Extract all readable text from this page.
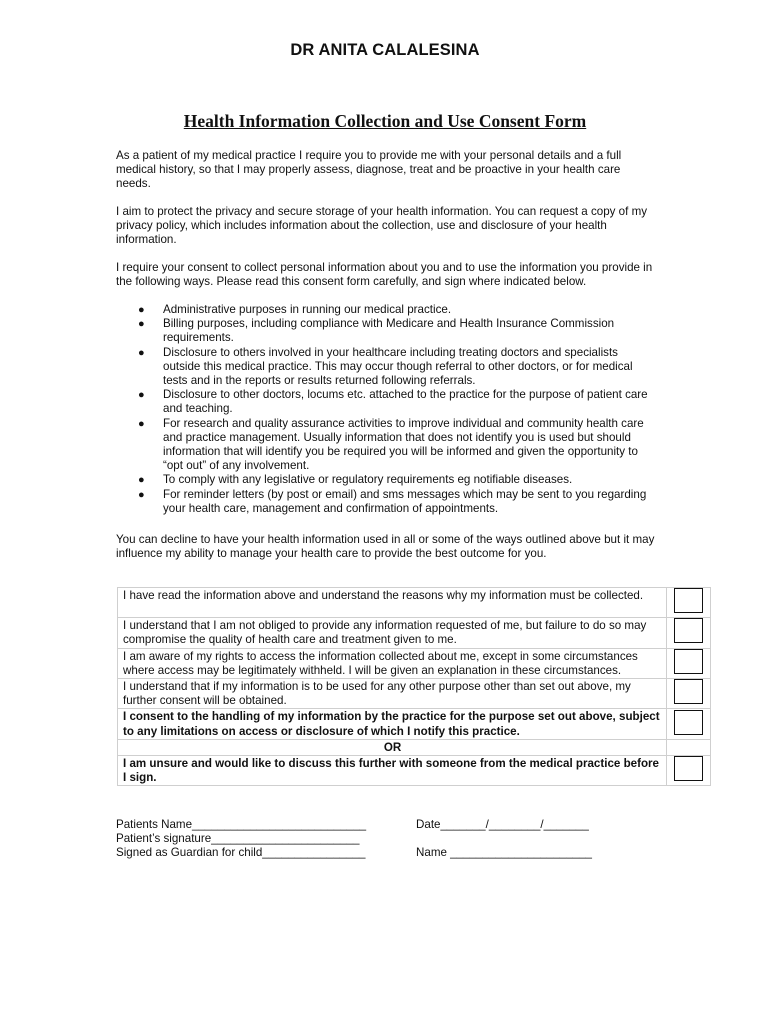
DR ANITA CALALESINA
Health Information Collection and Use Consent Form
As a patient of my medical practice I require you to provide me with your personal details and a full medical history, so that I may properly assess, diagnose, treat and be proactive in your health care needs.
I aim to protect the privacy and secure storage of your health information. You can request a copy of my privacy policy, which includes information about the collection, use and disclosure of your health information.
I require your consent to collect personal information about you and to use the information you provide in the following ways. Please read this consent form carefully, and sign where indicated below.
● Administrative purposes in running our medical practice.
● Billing purposes, including compliance with Medicare and Health Insurance Commission requirements.
● Disclosure to others involved in your healthcare including treating doctors and specialists outside this medical practice. This may occur though referral to other doctors, or for medical tests and in the reports or results returned following referrals.
● Disclosure to other doctors, locums etc. attached to the practice for the purpose of patient care and teaching.
● For research and quality assurance activities to improve individual and community health care and practice management. Usually information that does not identify you is used but should information that will identify you be required you will be informed and given the opportunity to “opt out” of any involvement.
● To comply with any legislative or regulatory requirements eg notifiable diseases.
● For reminder letters (by post or email) and sms messages which may be sent to you regarding your health care, management and confirmation of appointments.
You can decline to have your health information used in all or some of the ways outlined above but it may influence my ability to manage your health care to provide the best outcome for you.
I have read the information above and understand the reasons why my information must be collected.	
I understand that I am not obliged to provide any information requested of me, but failure to do so may compromise the quality of health care and treatment given to me.	
I am aware of my rights to access the information collected about me, except in some circumstances where access may be legitimately withheld. I will be given an explanation in these circumstances.	
I understand that if my information is to be used for any other purpose other than set out above, my further consent will be obtained.	
I consent to the handling of my information by the practice for the purpose set out above, subject to any limitations on access or disclosure of which I notify this practice.	
OR	
I am unsure and would like to discuss this further with someone from the medical practice before I sign.	
Patients Name___________________________	Date_______/________/_______
Patient’s signature_______________________
Signed as Guardian for child________________	Name ______________________
